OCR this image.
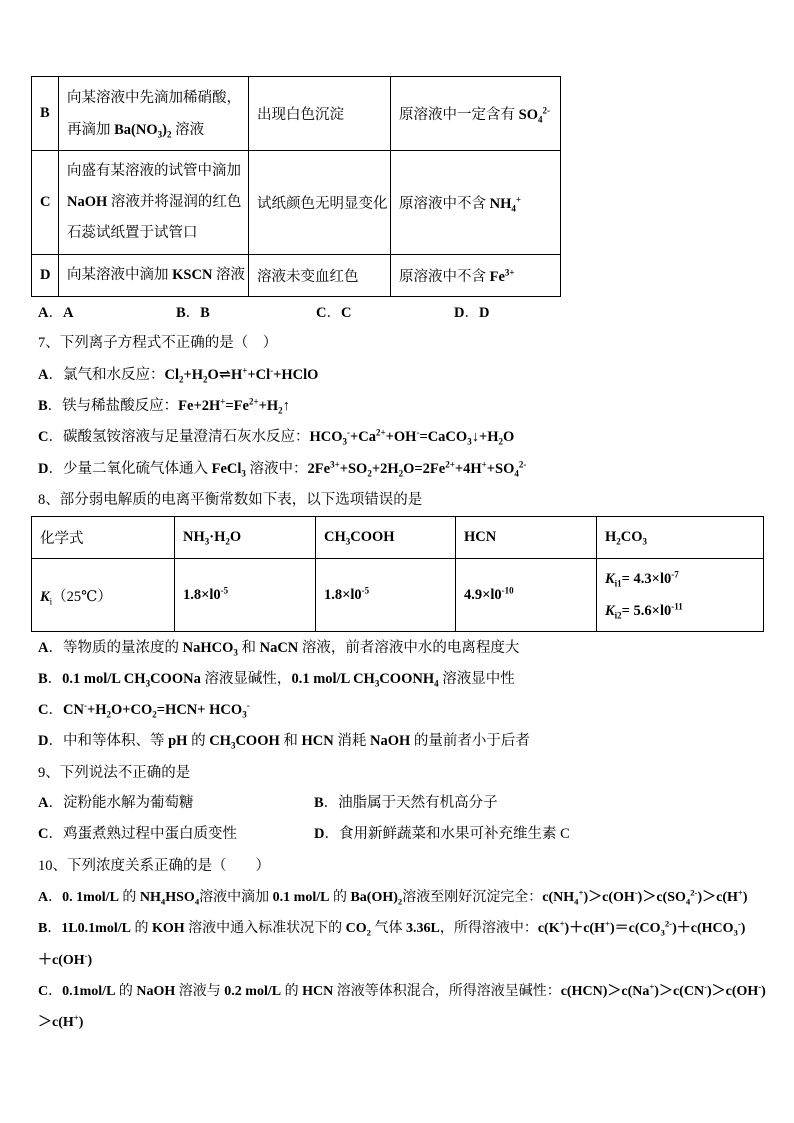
B	向某溶液中先滴加稀硝酸，
再滴加 $Ba(NO_3)_2$ 溶液	出现白色沉淀	原溶液中一定含有 $SO_4^{2-}$
C	向盛有某溶液的试管中滴加
NaOH 溶液并将湿润的红色
石蕊试纸置于试管口	试纸颜色无明显变化	原溶液中不含 $NH_4^+$
D	向某溶液中滴加 KSCN 溶液	溶液未变血红色	原溶液中不含 $Fe^{3+}$
A．A	B．B	C．C	D．D
7、下列离子方程式不正确的是（　）
A．氯气和水反应：$Cl_2+H_2O\rightleftharpoons H^++Cl^-+HClO$
B．铁与稀盐酸反应：$Fe+2H^+=Fe^{2+}+H_2↑$
C．碳酸氢铵溶液与足量澄清石灰水反应：$HCO_3^-+Ca^{2+}+OH^-=CaCO_3↓+H_2O$
D．少量二氧化硫气体通入 FeCl$_3$ 溶液中：$2Fe^{3+}+SO_2+2H_2O=2Fe^{2+}+4H^++SO_4^{2-}$
8、部分弱电解质的电离平衡常数如下表，以下选项错误的是
化学式	$NH_3\cdot H_2O$	$CH_3COOH$	HCN	$H_2CO_3$
$K_i(25℃)$	$1.8\times l0^{-5}$	$1.8\times l0^{-5}$	$4.9\times l0^{-10}$	$K_{i1}= 4.3\times l0^{-7}$
$K_{i2}= 5.6\times l0^{-11}$
A．等物质的量浓度的 NaHCO$_3$ 和 NaCN 溶液，前者溶液中水的电离程度大
B．0.1 mol/L $CH_3COONa$ 溶液显碱性，0.1 mol/L $CH_3COONH_4$ 溶液显中性
C．$CN^-+H_2O+CO_2=HCN+ HCO_3^-$
D．中和等体积、等 pH 的 $CH_3COOH$ 和 HCN 消耗 NaOH 的量前者小于后者
9、下列说法不正确的是
A．淀粉能水解为葡萄糖	B．油脂属于天然有机高分子
C．鸡蛋煮熟过程中蛋白质变性	D．食用新鲜蔬菜和水果可补充维生素 C
10、下列浓度关系正确的是（　　）
A．0. 1mol/L 的 $NH_4HSO_4$溶液中滴加 0.1 mol/L 的 $Ba(OH)_2$溶液至刚好沉淀完全：$c(NH_4^+)>c(OH^-)>c(SO_4^{2-})>c(H^+)$
B．1L0.1mol/L 的 KOH 溶液中通入标准状况下的 $CO_2$ 气体 3.36L，所得溶液中：$c(K^+)+c(H^+)=c(CO_3^{2-})+c(HCO_3^-)$
＋c(OH-)
C．0.1mol/L 的 NaOH 溶液与 0.2 mol/L 的 HCN 溶液等体积混合，所得溶液呈碱性：c(HCN)＞c(Na+)＞c(CN-)＞c(OH-)
＞c(H+)
